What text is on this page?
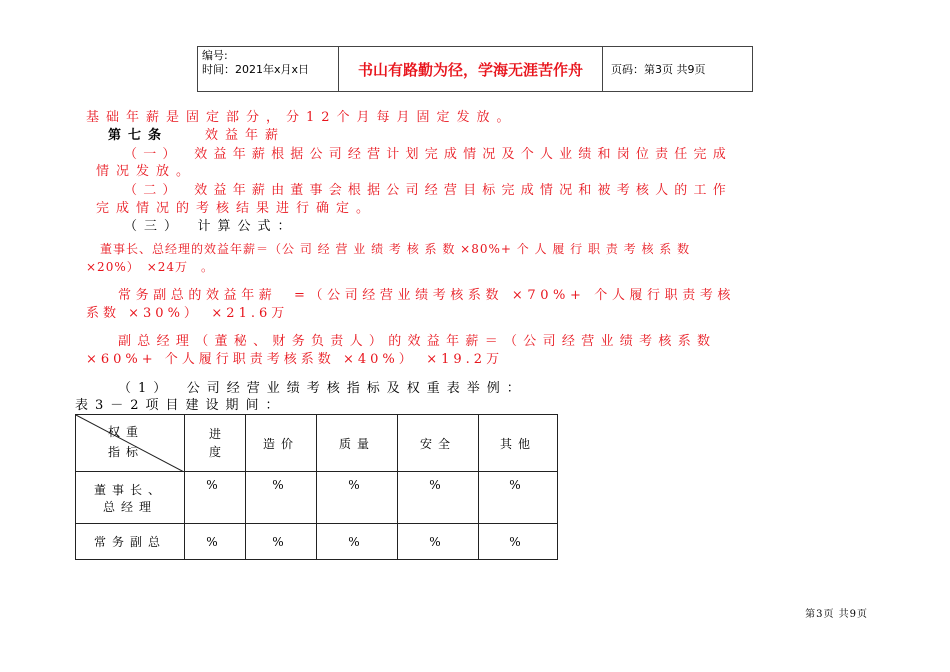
编号:
时间：2021年x月x日	书山有路勤为径，学海无涯苦作舟	页码：第3页 共9页
基础年薪是固定部分，分12个月每月固定发放。
第七条	效益年薪
（一）　效益年薪根据公司经营计划完成情况及个人业绩和岗位责任完成
情况发放。
（二）　效益年薪由董事会根据公司经营目标完成情况和被考核人的工作
完成情况的考核结果进行确定。
（三）　计算公式：
董事长、总经理的效益年薪＝（公 司 经 营 业 绩 考 核 系 数 ×80%+ 个 人 履 行 职 责 考 核 系 数
×20%）　×24万　。
常务副总的效益年薪　=（公司经营业绩考核系数 ×70%+ 个人履行职责考核
系数 ×30%）　×21.6万
副总经理（董秘、财务负责人）的效益年薪＝（公司经营业绩考核系数
×60%+ 个人履行职责考核系数 ×40%）　×19.2万
（1）　公司经营业绩考核指标及权重表举例：
表3－2项目建设期间：
权重
指标	进度	造价	质量	安全	其他

董事长、
总经理	%	%	%	%	%
常务副总	%	%	%	%	%
第3页 共9页
